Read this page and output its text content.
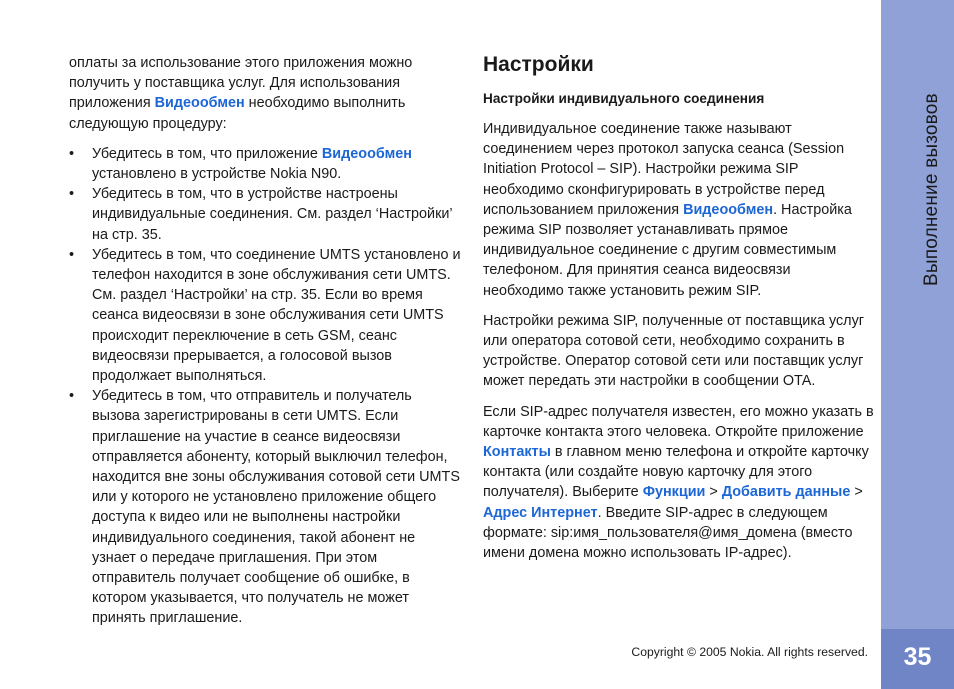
оплаты за использование этого приложения можно получить у поставщика услуг. Для использования приложения Видеообмен необходимо выполнить следующую процедуру:

•	Убедитесь в том, что приложение Видеообмен установлено в устройстве Nokia N90.
•	Убедитесь в том, что в устройстве настроены индивидуальные соединения. См. раздел ‘Настройки’ на стр. 35.
•	Убедитесь в том, что соединение UMTS установлено и телефон находится в зоне обслуживания сети UMTS. См. раздел ‘Настройки’ на стр. 35. Если во время сеанса видеосвязи в зоне обслуживания сети UMTS происходит переключение в сеть GSM, сеанс видеосвязи прерывается, а голосовой вызов продолжает выполняться.
•	Убедитесь в том, что отправитель и получатель вызова зарегистрированы в сети UMTS. Если приглашение на участие в сеансе видеосвязи отправляется абоненту, который выключил телефон, находится вне зоны обслуживания сотовой сети UMTS или у которого не установлено приложение общего доступа к видео или не выполнены настройки индивидуального соединения, такой абонент не узнает о передаче приглашения. При этом отправитель получает сообщение об ошибке, в котором указывается, что получатель не может принять приглашение.
Настройки
Настройки индивидуального соединения

Индивидуальное соединение также называют соединением через протокол запуска сеанса (Session Initiation Protocol – SIP). Настройки режима SIP необходимо сконфигурировать в устройстве перед использованием приложения Видеообмен. Настройка режима SIP позволяет устанавливать прямое индивидуальное соединение с другим совместимым телефоном. Для принятия сеанса видеосвязи необходимо также установить режим SIP.

Настройки режима SIP, полученные от поставщика услуг или оператора сотовой сети, необходимо сохранить в устройстве. Оператор сотовой сети или поставщик услуг может передать эти настройки в сообщении OTA.

Если SIP-адрес получателя известен, его можно указать в карточке контакта этого человека. Откройте приложение Контакты в главном меню телефона и откройте карточку контакта (или создайте новую карточку для этого получателя). Выберите Функции > Добавить данные > Адрес Интернет. Введите SIP-адрес в следующем формате: sip:имя_пользователя@имя_домена (вместо имени домена можно использовать IP-адрес).

Copyright © 2005 Nokia. All rights reserved.
Выполнение вызовов
35
